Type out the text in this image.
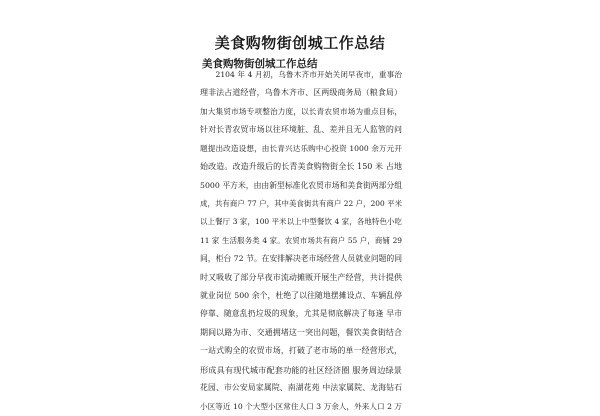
美食购物街创城工作总结
美食购物街创城工作总结
　　2104 年 4 月初，乌鲁木齐市开始关闭早夜市，重事治
理非法占道经营，乌鲁木齐市、区两级商务局（粮食局）
加大集贸市场专项整治力度，以长青农贸市场为重点目标，
针对长青农贸市场以往环境脏、乱、差并且无人监管的问
题提出改造设想，由长青兴达乐购中心投资 1000 余万元开
始改造。改造升级后的长青美食购物街全长 150 米 占地
5000 平方米，由由新型标准化农贸市场和美食街两部分组
成，共有商户 77 户，其中美食街共有商户 22 户，200 平米
以上餐厅 3 家，100 平米以上中型餐饮 4 家，各地特色小吃
11 家 生活服务类 4 家。农贸市场共有商户 55 户，商铺 29
间，柜台 72 节。在安排解决老市场经营人员就业问题的同
时又吸收了部分早夜市流动摊贩开展生产经营，共计提供
就业岗位 500 余个，杜绝了以往随地摆摊设点、车辆乱停
停靠、随意乱扔垃圾的现象，尤其是彻底解决了每逢 早市
期间以路为市、交通拥堵这一突出问题，餐饮美食街结合
一站式购全的农贸市场，打破了老市场的单一经营形式，
形成具有现代城市配套功能的社区经济圈 服务周边绿景
花园、市公安局家属院、南湖花苑 中法家属院、龙海钻石
小区等近 10 个大型小区常住人口 3 万余人，外来人口 2 万
